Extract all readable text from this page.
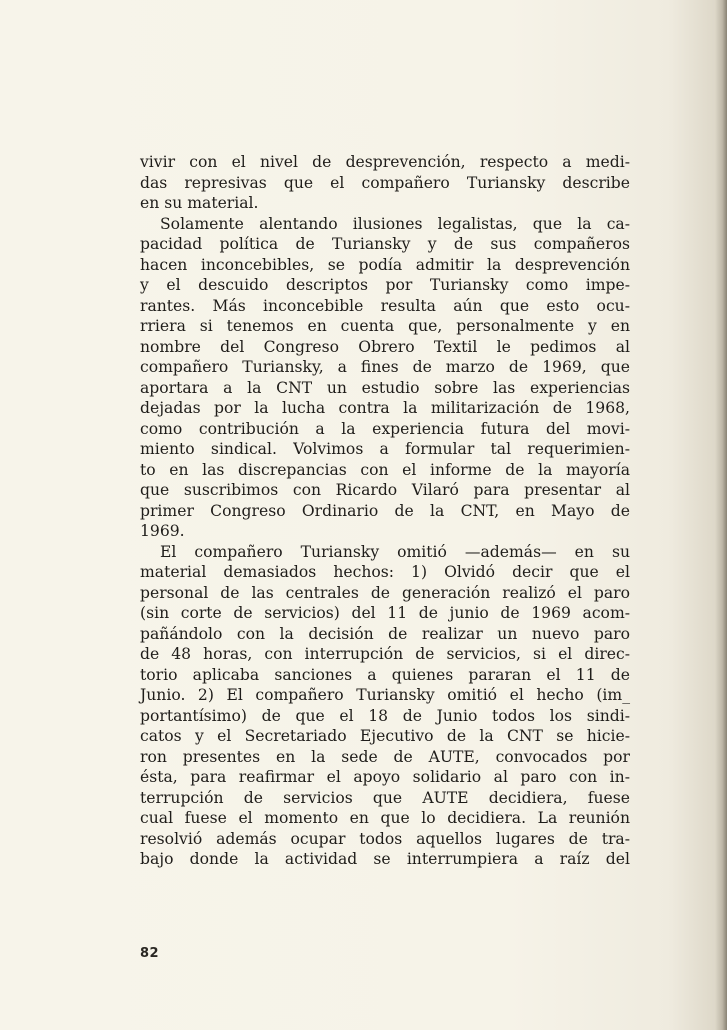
vivir con el nivel de desprevención, respecto a medi-
das represivas que el compañero Turiansky describe
en su material.
Solamente alentando ilusiones legalistas, que la ca-
pacidad política de Turiansky y de sus compañeros
hacen inconcebibles, se podía admitir la desprevención
y el descuido descriptos por Turiansky como impe-
rantes. Más inconcebible resulta aún que esto ocu-
rriera si tenemos en cuenta que, personalmente y en
nombre del Congreso Obrero Textil le pedimos al
compañero Turiansky, a fines de marzo de 1969, que
aportara a la CNT un estudio sobre las experiencias
dejadas por la lucha contra la militarización de 1968,
como contribución a la experiencia futura del movi-
miento sindical. Volvimos a formular tal requerimien-
to en las discrepancias con el informe de la mayoría
que suscribimos con Ricardo Vilaró para presentar al
primer Congreso Ordinario de la CNT, en Mayo de
1969.
El compañero Turiansky omitió —además— en su
material demasiados hechos: 1) Olvidó decir que el
personal de las centrales de generación realizó el paro
(sin corte de servicios) del 11 de junio de 1969 acom-
pañándolo con la decisión de realizar un nuevo paro
de 48 horas, con interrupción de servicios, si el direc-
torio aplicaba sanciones a quienes pararan el 11 de
Junio. 2) El compañero Turiansky omitió el hecho (im_
portantísimo) de que el 18 de Junio todos los sindi-
catos y el Secretariado Ejecutivo de la CNT se hicie-
ron presentes en la sede de AUTE, convocados por
ésta, para reafirmar el apoyo solidario al paro con in-
terrupción de servicios que AUTE decidiera, fuese
cual fuese el momento en que lo decidiera. La reunión
resolvió además ocupar todos aquellos lugares de tra-
bajo donde la actividad se interrumpiera a raíz del
82
